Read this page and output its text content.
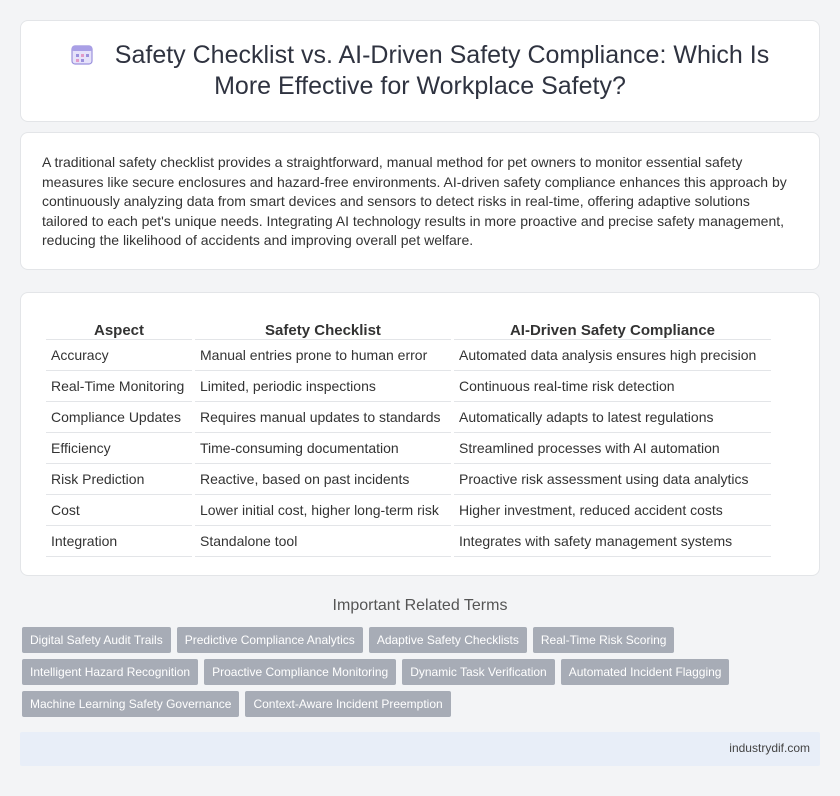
Safety Checklist vs. AI-Driven Safety Compliance: Which Is More Effective for Workplace Safety?

A traditional safety checklist provides a straightforward, manual method for pet owners to monitor essential safety measures like secure enclosures and hazard-free environments. AI-driven safety compliance enhances this approach by continuously analyzing data from smart devices and sensors to detect risks in real-time, offering adaptive solutions tailored to each pet's unique needs. Integrating AI technology results in more proactive and precise safety management, reducing the likelihood of accidents and improving overall pet welfare.

Aspect	Safety Checklist	AI-Driven Safety Compliance
Accuracy	Manual entries prone to human error	Automated data analysis ensures high precision
Real-Time Monitoring	Limited, periodic inspections	Continuous real-time risk detection
Compliance Updates	Requires manual updates to standards	Automatically adapts to latest regulations
Efficiency	Time-consuming documentation	Streamlined processes with AI automation
Risk Prediction	Reactive, based on past incidents	Proactive risk assessment using data analytics
Cost	Lower initial cost, higher long-term risk	Higher investment, reduced accident costs
Integration	Standalone tool	Integrates with safety management systems
Important Related Terms
Digital Safety Audit Trails	Predictive Compliance Analytics	Adaptive Safety Checklists	Real-Time Risk Scoring
Intelligent Hazard Recognition	Proactive Compliance Monitoring	Dynamic Task Verification	Automated Incident Flagging
Machine Learning Safety Governance	Context-Aware Incident Preemption
industrydif.com
